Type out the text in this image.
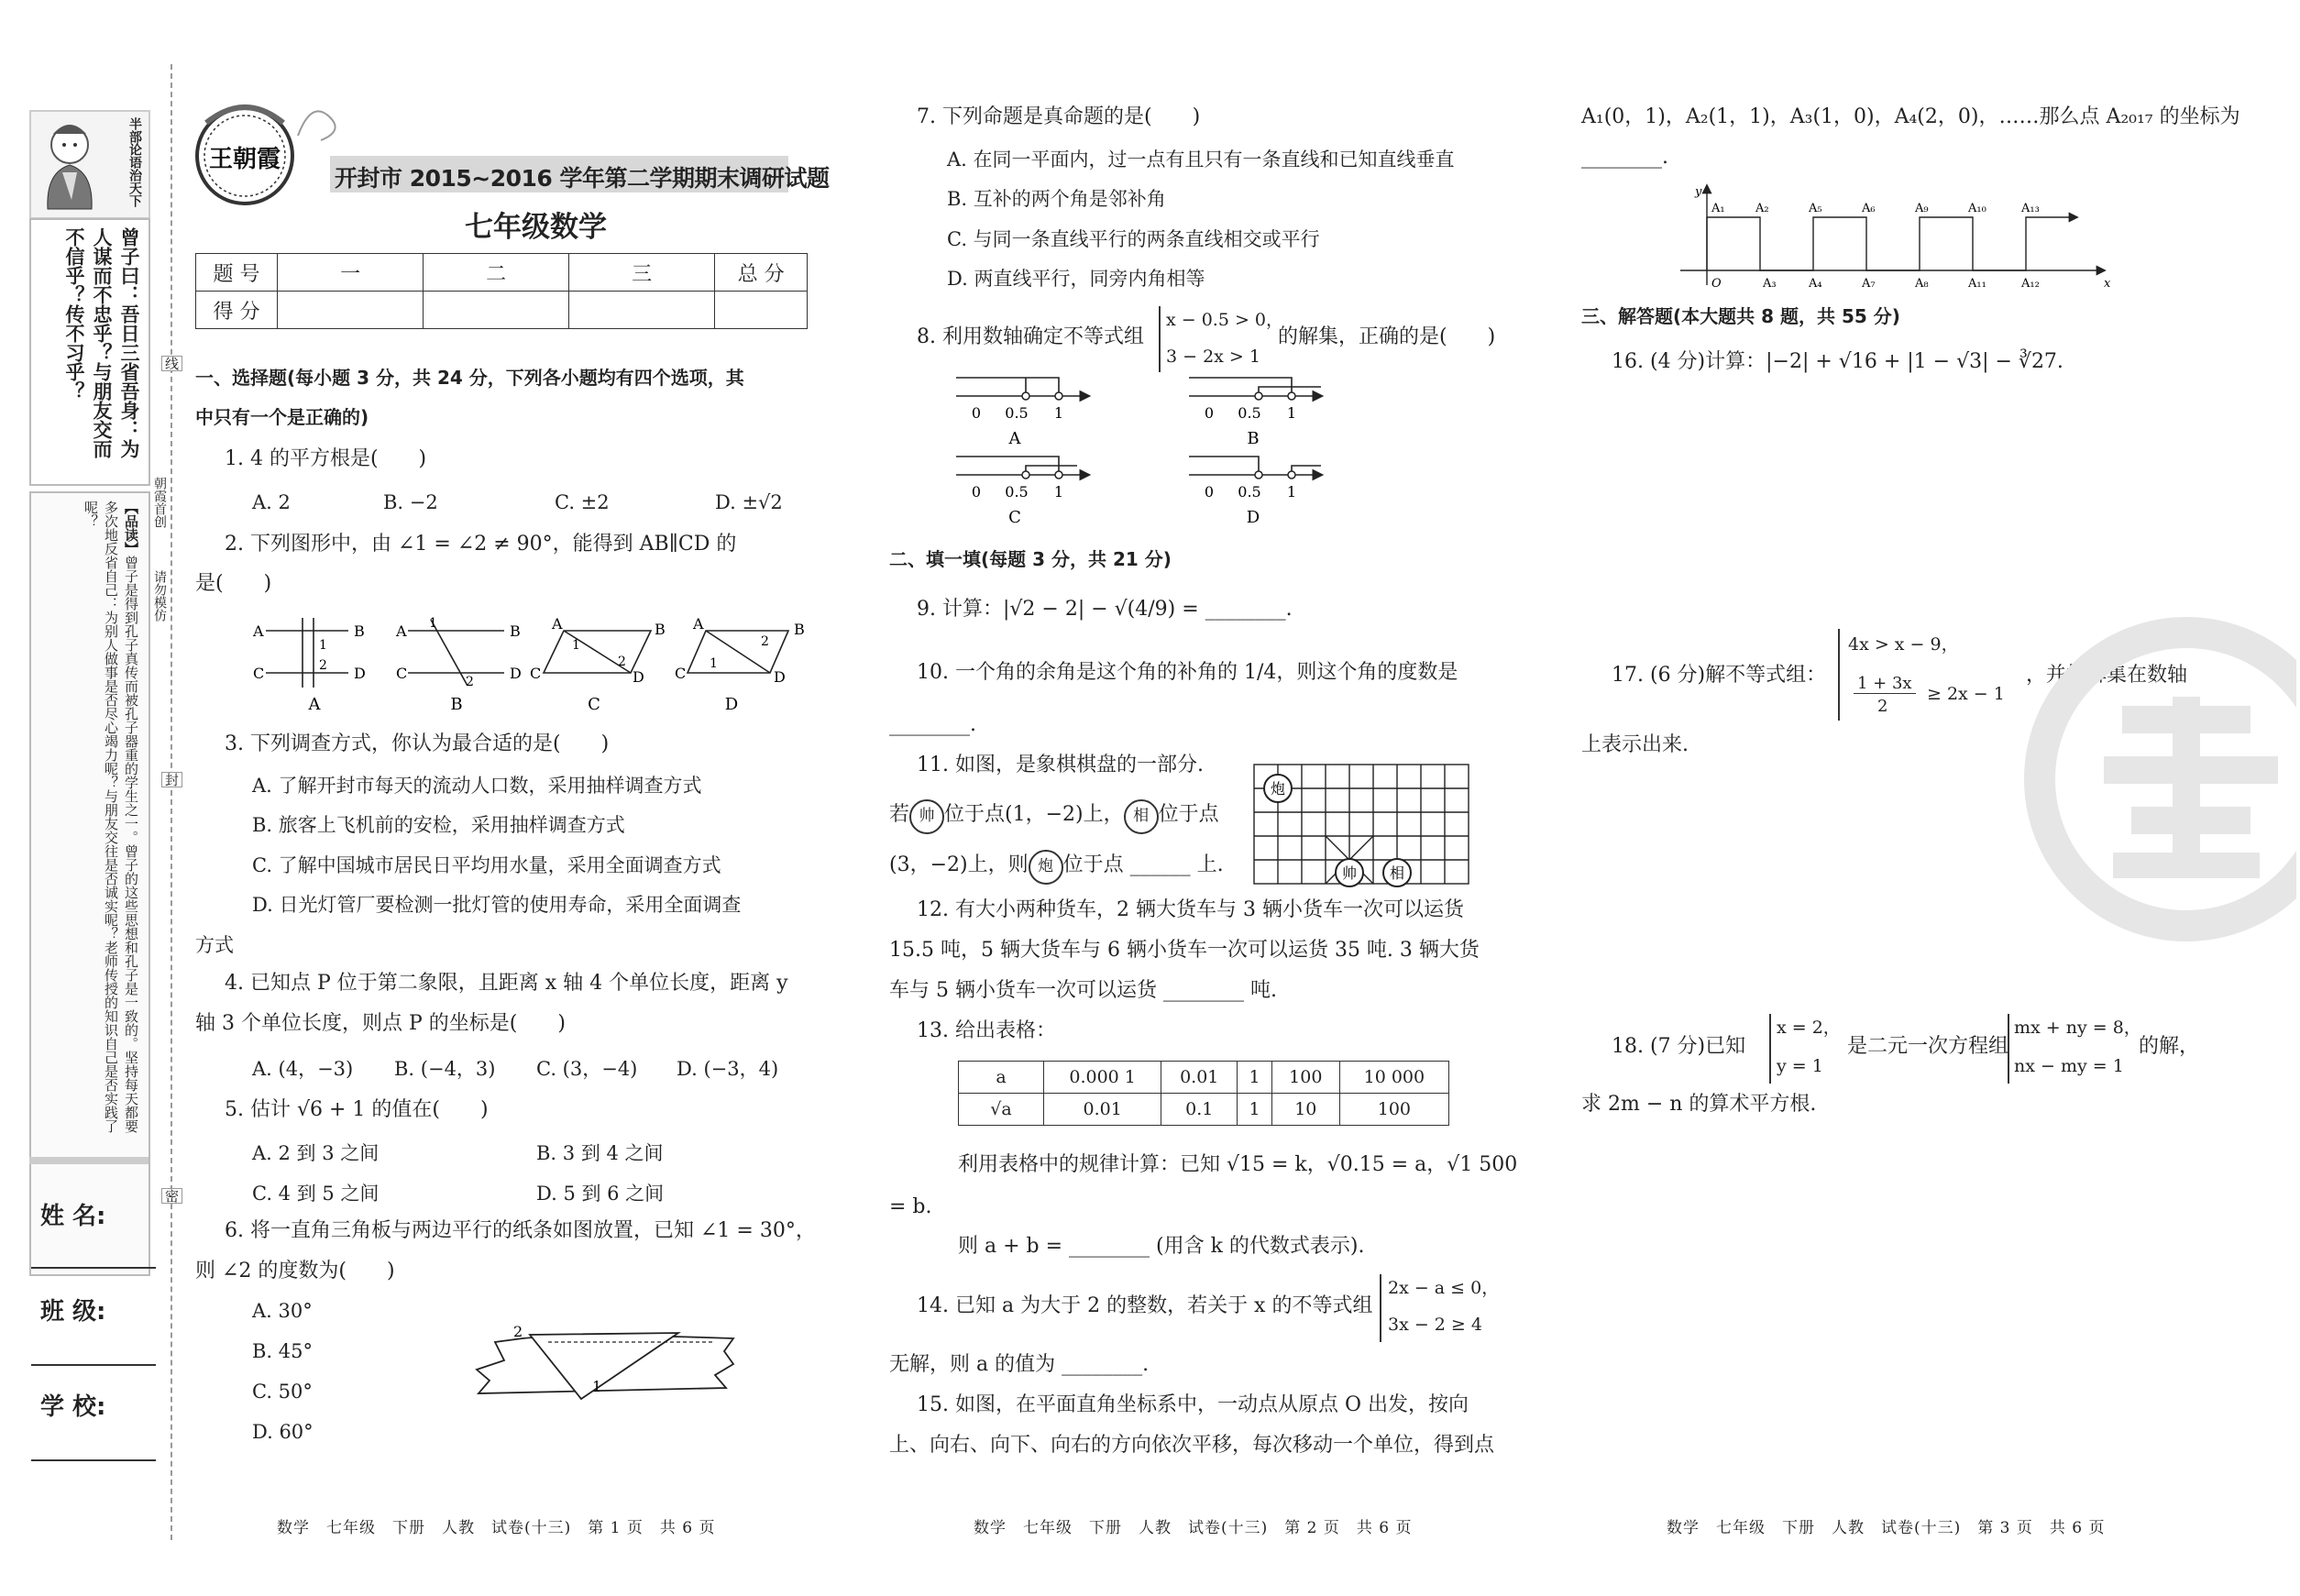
半部论语治天下
曾子曰：吾日三省吾身：为人谋而不忠乎？与朋友交而不信乎？传不习乎？
【品读】曾子是得到孔子真传而被孔子器重的学生之一。曾子的这些思想和孔子是一致的。坚持每天都要多次地反省自己：为别人做事是否尽心竭力呢？与朋友交往是否诚实呢？老师传授的知识自己是否实践了呢？
姓 名:
班 级:
学 校:
线
朝霞首创
请勿模仿
封
密
王朝霞
开封市 2015~2016 学年第二学期期末调研试题
七年级数学
题 号	一	二	三	总 分
得 分				
一、选择题(每小题 3 分，共 24 分，下列各小题均有四个选项，其
中只有一个是正确的)
1. 4 的平方根是(　　)
A. 2	B. −2	C. ±2	D. ±√2
2. 下列图形中，由 ∠1 = ∠2 ≠ 90°，能得到 AB∥CD 的
是(　　)
A	B
C	D
1
2
A	B
C	D
1
2
A	B
C	D
1
2
A	B
C	D
1
2
A	B	C	D
3. 下列调查方式，你认为最合适的是(　　)
A. 了解开封市每天的流动人口数，采用抽样调查方式
B. 旅客上飞机前的安检，采用抽样调查方式
C. 了解中国城市居民日平均用水量，采用全面调查方式
D. 日光灯管厂要检测一批灯管的使用寿命，采用全面调查
方式
4. 已知点 P 位于第二象限，且距离 x 轴 4 个单位长度，距离 y
轴 3 个单位长度，则点 P 的坐标是(　　)
A. (4，−3) B. (−4，3) C. (3，−4) D. (−3，4)
5. 估计 √6 + 1 的值在(　　)
A. 2 到 3 之间	B. 3 到 4 之间
C. 4 到 5 之间	D. 5 到 6 之间
6. 将一直角三角板与两边平行的纸条如图放置，已知 ∠1 = 30°，
则 ∠2 的度数为(　　)
A. 30°
B. 45°
C. 50°
D. 60°
2
1
数学　七年级　下册　人教　试卷(十三)　第 1 页　共 6 页
7. 下列命题是真命题的是(　　)
A. 在同一平面内，过一点有且只有一条直线和已知直线垂直
B. 互补的两个角是邻补角
C. 与同一条直线平行的两条直线相交或平行
D. 两直线平行，同旁内角相等
8. 利用数轴确定不等式组
x − 0.5 > 0，
3 − 2x > 1
的解集，正确的是(　　)
0 0.5 1	0 0.5 1
0 0.5 1	0 0.5 1
A	B
C	D
二、填一填(每题 3 分，共 21 分)
9. 计算：|√2 − 2| − √(4/9) = ________.
10. 一个角的余角是这个角的补角的 1/4，则这个角的度数是
________.
11. 如图，是象棋棋盘的一部分.
若 帅 位于点(1，−2)上， 相 位于点
(3，−2)上，则 炮 位于点 ______ 上.
炮
帅 相
12. 有大小两种货车，2 辆大货车与 3 辆小货车一次可以运货
15.5 吨，5 辆大货车与 6 辆小货车一次可以运货 35 吨. 3 辆大货
车与 5 辆小货车一次可以运货 ________ 吨.
13. 给出表格：
a	0.000 1	0.01	1	100	10 000
√a	0.01	0.1	1	10	100
利用表格中的规律计算：已知 √15 = k，√0.15 = a，√1 500
= b.
则 a + b = ________ (用含 k 的代数式表示).
14. 已知 a 为大于 2 的整数，若关于 x 的不等式组
2x − a ≤ 0，
3x − 2 ≥ 4
无解，则 a 的值为 ________.
15. 如图，在平面直角坐标系中，一动点从原点 O 出发，按向
上、向右、向下、向右的方向依次平移，每次移动一个单位，得到点
数学　七年级　下册　人教　试卷(十三)　第 2 页　共 6 页
A₁(0，1)，A₂(1，1)，A₃(1，0)，A₄(2，0)，……那么点 A₂₀₁₇ 的坐标为
________.
A₁	A₂
A₃	A₄
A₅	A₆
A₇	A₈
A₉	A₁₀
A₁₁	A₁₂
A₁₃
O	x
y
三、解答题(本大题共 8 题，共 55 分)
16. (4 分)计算：|−2| + √16 + |1 − √3| − ∛27.
17. (6 分)解不等式组：
4x > x − 9，
1 + 3x
2
≥ 2x − 1
，并把解集在数轴
上表示出来.
18. (7 分)已知
x = 2，
y = 1
是二元一次方程组
mx + ny = 8，
nx − my = 1
的解，
求 2m − n 的算术平方根.
数学　七年级　下册　人教　试卷(十三)　第 3 页　共 6 页
